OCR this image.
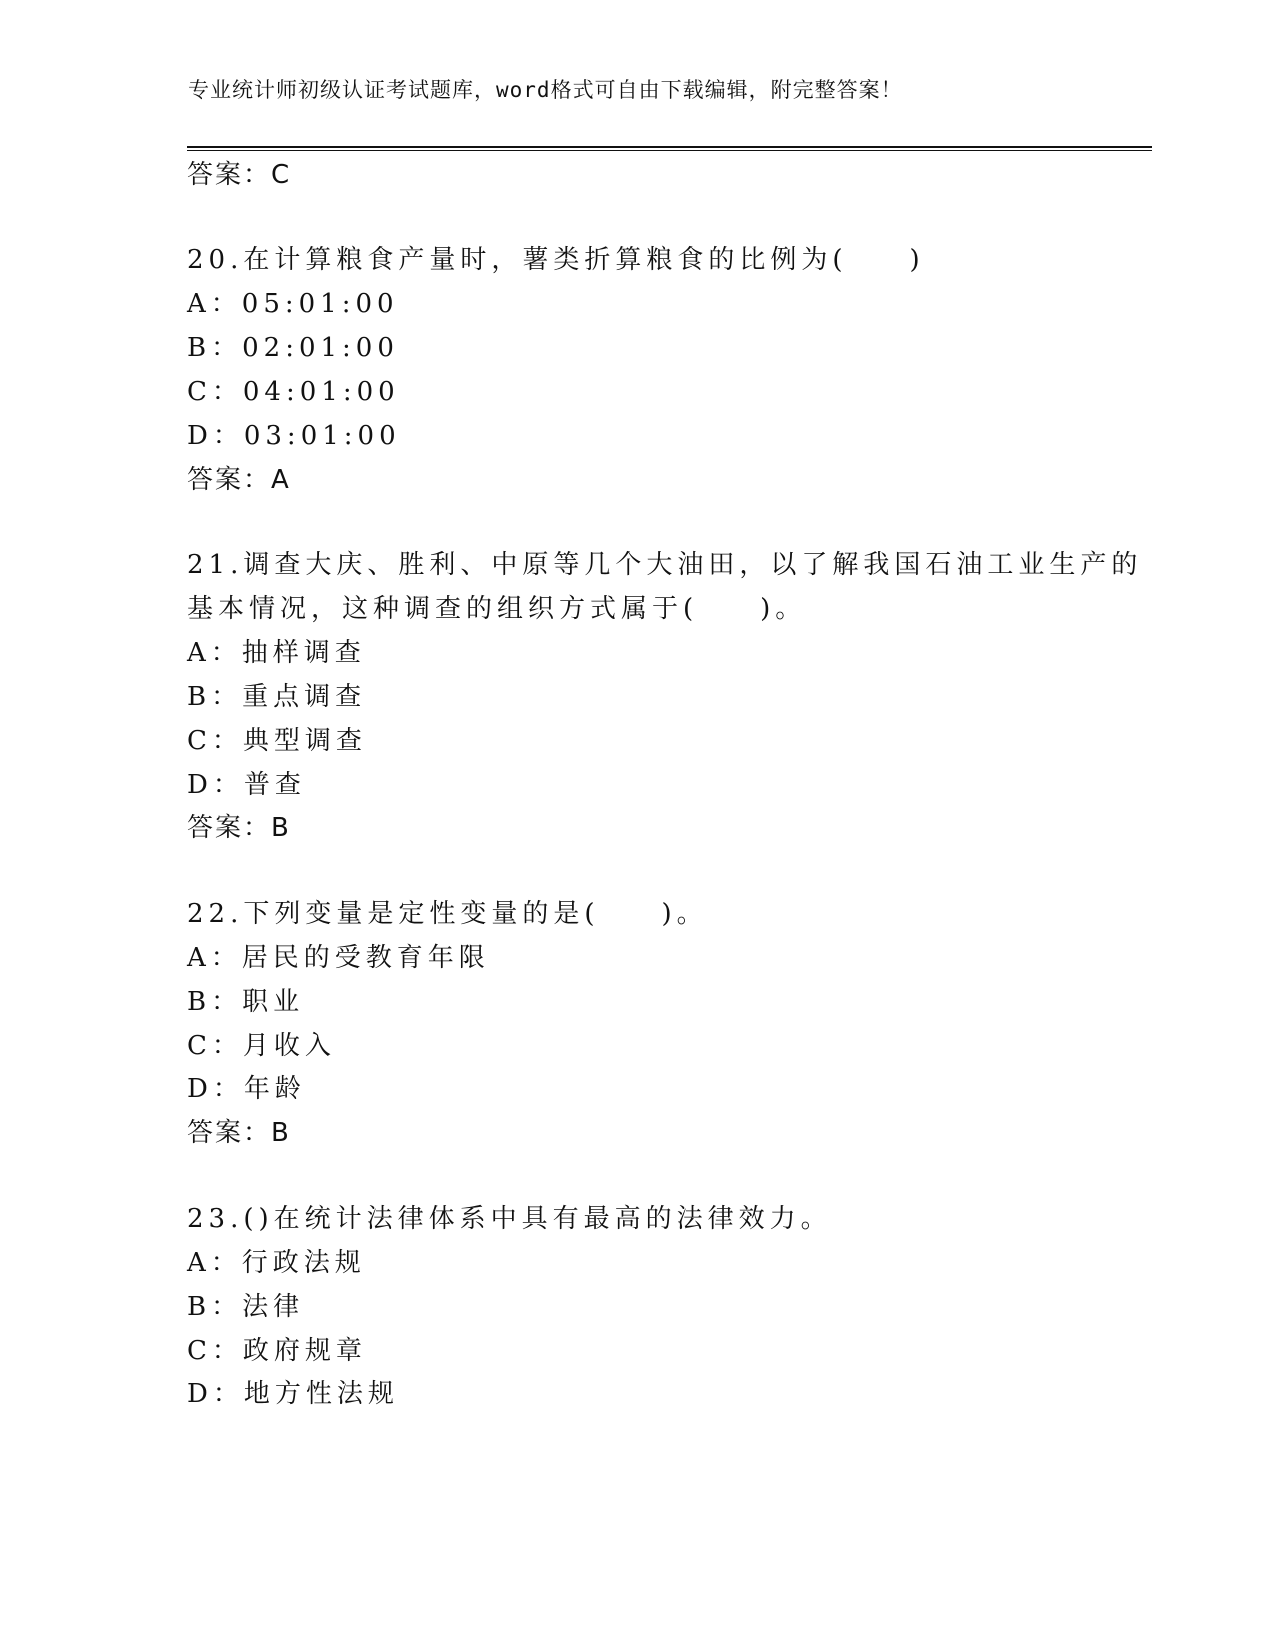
专业统计师初级认证考试题库，word格式可自由下载编辑，附完整答案！
答案：C
20.在计算粮食产量时，薯类折算粮食的比例为(　　)
A：05:01:00
B：02:01:00
C：04:01:00
D：03:01:00
答案：A
21.调查大庆、胜利、中原等几个大油田，以了解我国石油工业生产的
基本情况，这种调查的组织方式属于(　　)。
A：抽样调查
B：重点调查
C：典型调查
D：普查
答案：B
22.下列变量是定性变量的是(　　)。
A：居民的受教育年限
B：职业
C：月收入
D：年龄
答案：B
23.()在统计法律体系中具有最高的法律效力。
A：行政法规
B：法律
C：政府规章
D：地方性法规
